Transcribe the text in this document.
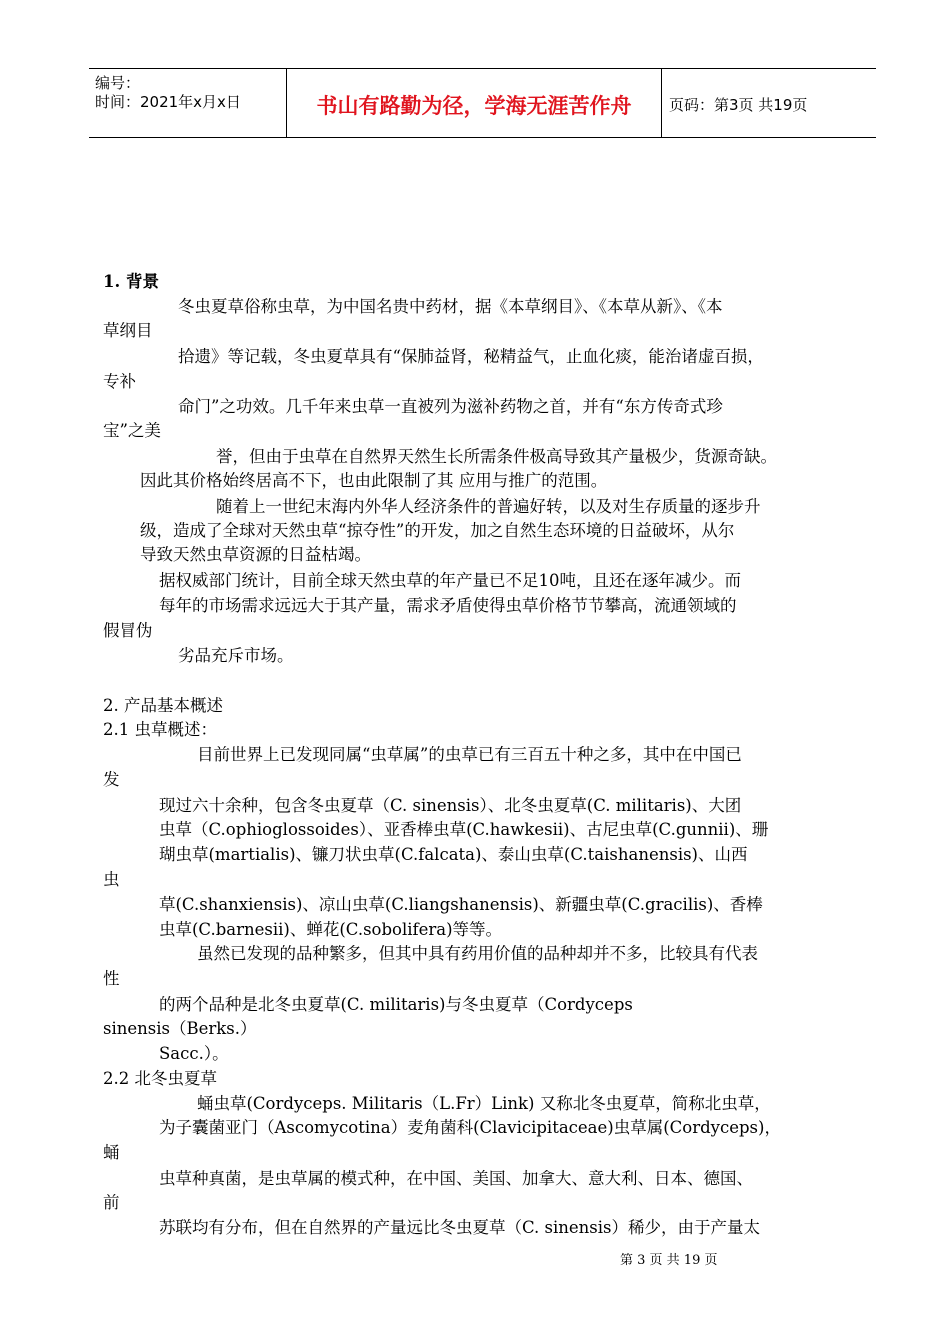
编号：
时间：2021年x月x日	书山有路勤为径，学海无涯苦作舟	页码：第3页 共19页
1. 背景
冬虫夏草俗称虫草，为中国名贵中药材，据《本草纲目》、《本草从新》、《本
草纲目
拾遗》等记载，冬虫夏草具有“保肺益肾，秘精益气，止血化痰，能治诸虚百损，
专补
命门”之功效。几千年来虫草一直被列为滋补药物之首，并有“东方传奇式珍
宝”之美
誉，但由于虫草在自然界天然生长所需条件极高导致其产量极少，货源奇缺。
因此其价格始终居高不下，也由此限制了其 应用与推广的范围。
随着上一世纪末海内外华人经济条件的普遍好转，以及对生存质量的逐步升
级，造成了全球对天然虫草“掠夺性”的开发，加之自然生态环境的日益破坏，从尔
导致天然虫草资源的日益枯竭。
据权威部门统计，目前全球天然虫草的年产量已不足10吨，且还在逐年减少。而
每年的市场需求远远大于其产量，需求矛盾使得虫草价格节节攀高，流通领域的
假冒伪
劣品充斥市场。
2. 产品基本概述
2.1 虫草概述：
目前世界上已发现同属“虫草属”的虫草已有三百五十种之多，其中在中国已
发
现过六十余种，包含冬虫夏草（C. sinensis）、北冬虫夏草(C. militaris)、大团
虫草（C.ophioglossoides）、亚香棒虫草(C.hawkesii)、古尼虫草(C.gunnii)、珊
瑚虫草(martialis)、镰刀状虫草(C.falcata)、泰山虫草(C.taishanensis)、山西
虫
草(C.shanxiensis)、凉山虫草(C.liangshanensis)、新疆虫草(C.gracilis)、香棒
虫草(C.barnesii)、蝉花(C.sobolifera)等等。
虽然已发现的品种繁多，但其中具有药用价值的品种却并不多，比较具有代表
性
的两个品种是北冬虫夏草(C. militaris)与冬虫夏草（Cordyceps
sinensis（Berks.）
Sacc.）。
2.2 北冬虫夏草
蛹虫草(Cordyceps. Militaris（L.Fr）Link) 又称北冬虫夏草，简称北虫草，
为子囊菌亚门（Ascomycotina）麦角菌科(Clavicipitaceae)虫草属(Cordyceps)，
蛹
虫草种真菌，是虫草属的模式种，在中国、美国、加拿大、意大利、日本、德国、
前
苏联均有分布，但在自然界的产量远比冬虫夏草（C. sinensis）稀少，由于产量太
第 3 页 共 19 页
